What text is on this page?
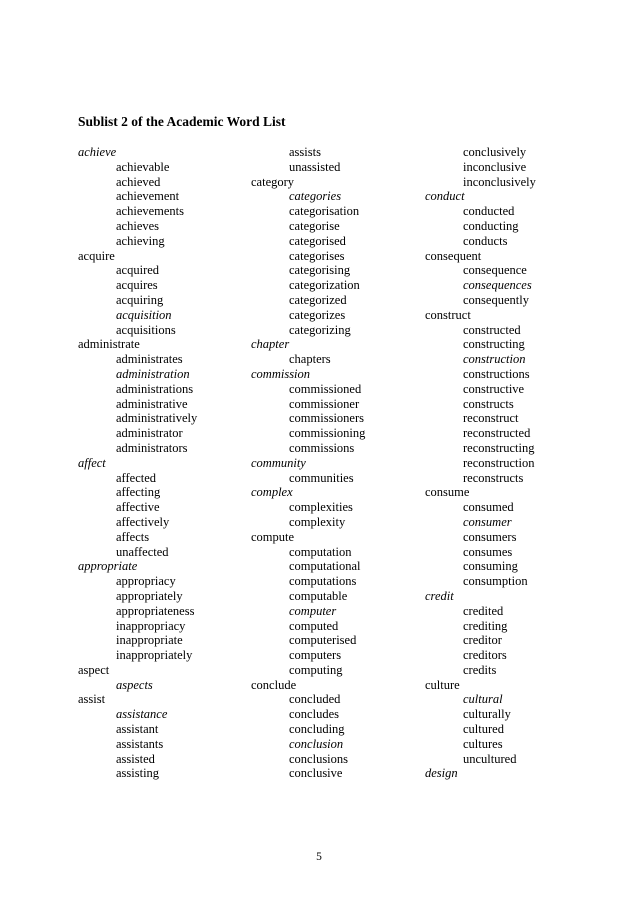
Sublist 2 of the Academic Word List
achieve
achievable
achieved
achievement
achievements
achieves
achieving
acquire
acquired
acquires
acquiring
acquisition
acquisitions
administrate
administrates
administration
administrations
administrative
administratively
administrator
administrators
affect
affected
affecting
affective
affectively
affects
unaffected
appropriate
appropriacy
appropriately
appropriateness
inappropriacy
inappropriate
inappropriately
aspect
aspects
assist
assistance
assistant
assistants
assisted
assisting
assists
unassisted
category
categories
categorisation
categorise
categorised
categorises
categorising
categorization
categorized
categorizes
categorizing
chapter
chapters
commission
commissioned
commissioner
commissioners
commissioning
commissions
community
communities
complex
complexities
complexity
compute
computation
computational
computations
computable
computer
computed
computerised
computers
computing
conclude
concluded
concludes
concluding
conclusion
conclusions
conclusive
conclusively
inconclusive
inconclusively
conduct
conducted
conducting
conducts
consequent
consequence
consequences
consequently
construct
constructed
constructing
construction
constructions
constructive
constructs
reconstruct
reconstructed
reconstructing
reconstruction
reconstructs
consume
consumed
consumer
consumers
consumes
consuming
consumption
credit
credited
crediting
creditor
creditors
credits
culture
cultural
culturally
cultured
cultures
uncultured
design
5
